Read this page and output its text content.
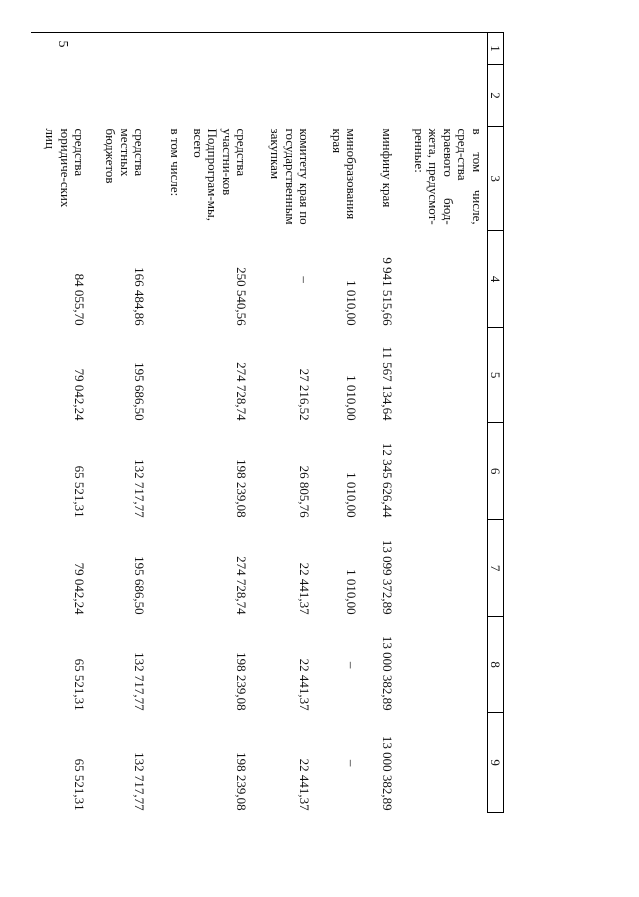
5
1	2	3	4	5	6	7	8	9
		в том числе, сред-ства краевого бюд-жета, предусмот-ренные:						
		минфину края	9 941 515,66	11 567 134,64	12 345 626,44	13 099 372,89	13 000 382,89	13 000 382,89
		минобразования края	1 010,00	1 010,00	1 010,00	1 010,00	–	–
		комитету края по государственным закупкам	–	27 216,52	26 805,76	22 441,37	22 441,37	22 441,37
		средства участни-ков Подпрограм-мы, всего	250 540,56	274 728,74	198 239,08	274 728,74	198 239,08	198 239,08
		в том числе:						
		средства местных бюджетов	166 484,86	195 686,50	132 717,77	195 686,50	132 717,77	132 717,77
		средства юридиче-ских лиц	84 055,70	79 042,24	65 521,31	79 042,24	65 521,31	65 521,31
